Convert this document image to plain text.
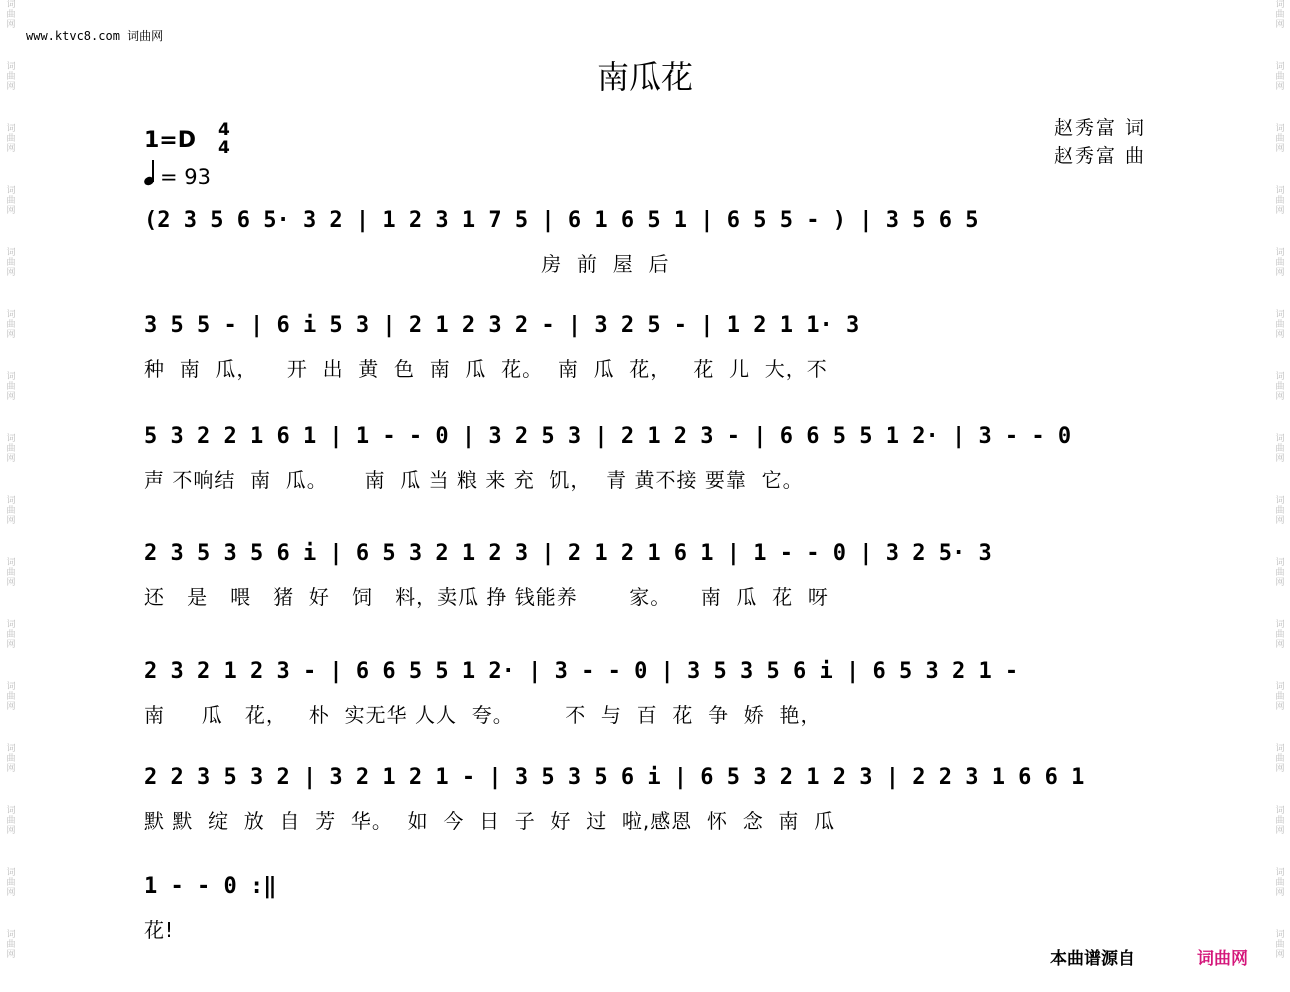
词
曲
网
词
曲
网
词
曲
网
词
曲
网
词
曲
网
词
曲
网
词
曲
网
词
曲
网
词
曲
网
词
曲
网
词
曲
网
词
曲
网
词
曲
网
词
曲
网
词
曲
网
词
曲
网
词
曲
网
词
曲
网
词
曲
网
词
曲
网
词
曲
网
词
曲
网
词
曲
网
词
曲
网
词
曲
网
词
曲
网
词
曲
网
词
曲
网
词
曲
网
词
曲
网
词
曲
网
词
曲
网
www.ktvc8.com 词曲网
南瓜花
赵秀富 词
赵秀富 曲
1=D 4
4
= 93
(2 3 5 6 5· 3 2 | 1 2 3 1 7 5 | 6 1 6 5 1 | 6 5 5 - ) | 3 5 6 5
房  前  屋  后
3 5 5 - | 6 i 5 3 | 2 1 2 3 2 - | 3 2 5 - | 1 2 1 1· 3
种  南  瓜，    开  出  黄  色  南  瓜  花。  南  瓜  花，   花  儿  大，不
5 3 2 2 1 6 1 | 1 - - 0 | 3 2 5 3 | 2 1 2 3 - | 6 6 5 5 1 2· | 3 - - 0
声 不响结  南  瓜。     南  瓜 当 粮 来 充  饥，  青 黄不接 要靠  它。
2 3 5 3 5 6 i | 6 5 3 2 1 2 3 | 2 1 2 1 6 1 | 1 - - 0 | 3 2 5· 3
还   是   喂   猪  好   饲   料，卖瓜 挣 钱能养       家。    南  瓜  花  呀
2 3 2 1 2 3 - | 6 6 5 5 1 2· | 3 - - 0 | 3 5 3 5 6 i | 6 5 3 2 1 -
南     瓜   花，   朴  实无华 人人  夸。       不  与  百  花  争  娇  艳，
2 2 3 5 3 2 | 3 2 1 2 1 - | 3 5 3 5 6 i | 6 5 3 2 1 2 3 | 2 2 3 1 6 6 1
默 默  绽  放  自  芳  华。  如  今  日  子  好  过  啦,感恩  怀  念  南  瓜
1 - - 0 :‖
花!
本曲谱源自	词曲网
